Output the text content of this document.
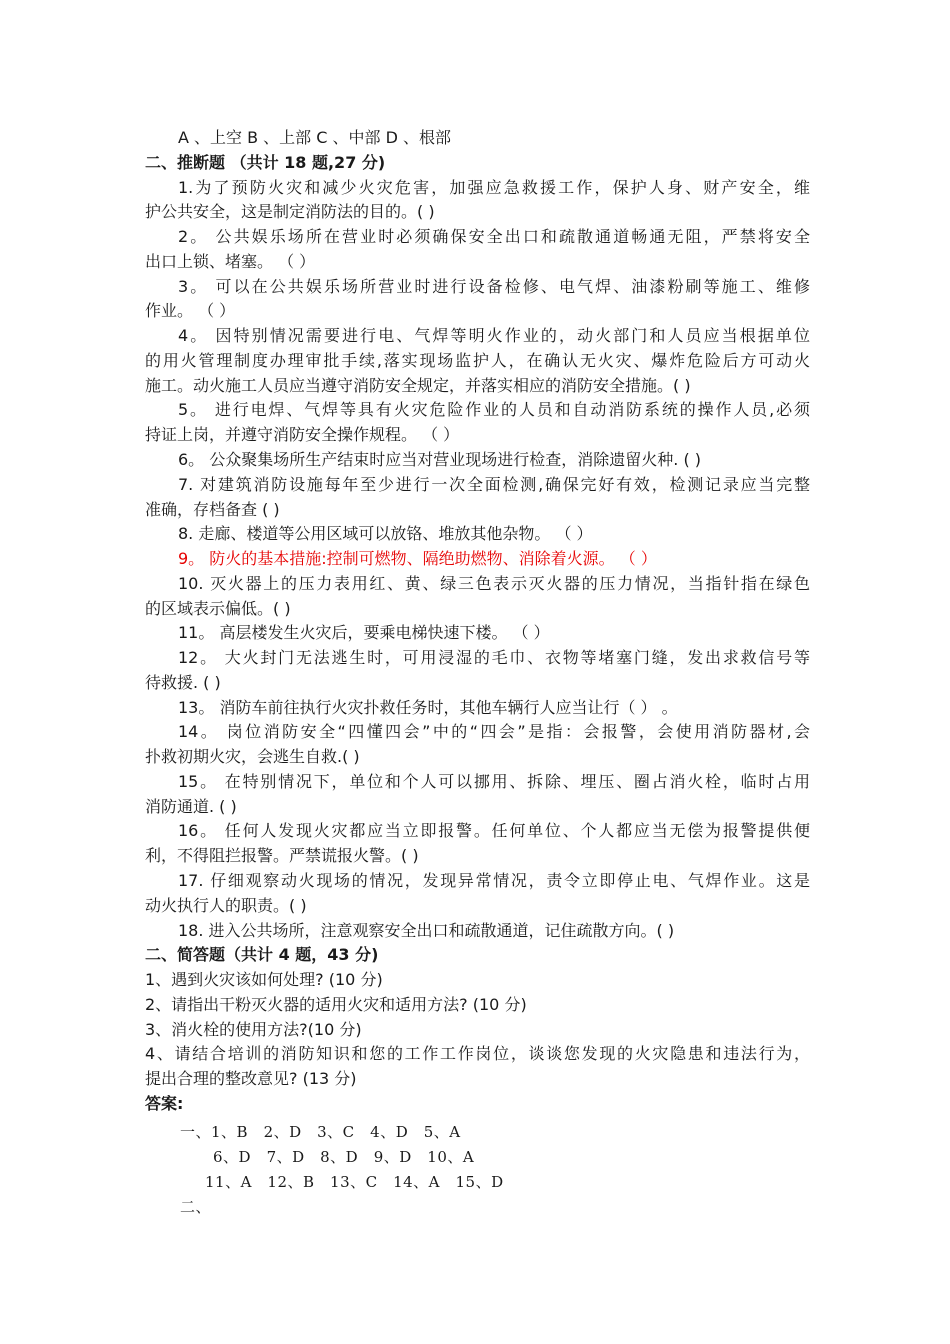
A 、上空 B 、上部 C 、中部 D 、根部
二、推断题 （共计 18 题,27 分)
1.为了预防火灾和减少火灾危害，加强应急救援工作，保护人身、财产安全，维
护公共安全，这是制定消防法的目的。( )
2。 公共娱乐场所在营业时必须确保安全出口和疏散通道畅通无阻，严禁将安全
出口上锁、堵塞。 （ ）
3。 可以在公共娱乐场所营业时进行设备检修、电气焊、油漆粉刷等施工、维修
作业。 （ ）
4。 因特别情况需要进行电、气焊等明火作业的，动火部门和人员应当根据单位
的用火管理制度办理审批手续,落实现场监护人，在确认无火灾、爆炸危险后方可动火
施工。动火施工人员应当遵守消防安全规定，并落实相应的消防安全措施。( )
5。 进行电焊、气焊等具有火灾危险作业的人员和自动消防系统的操作人员,必须
持证上岗，并遵守消防安全操作规程。 （ ）
6。 公众聚集场所生产结束时应当对营业现场进行检查，消除遗留火种. ( )
7. 对建筑消防设施每年至少进行一次全面检测,确保完好有效，检测记录应当完整
准确，存档备查 ( )
8. 走廊、楼道等公用区域可以放铬、堆放其他杂物。 （ ）
9。 防火的基本措施:控制可燃物、隔绝助燃物、消除着火源。 （ ）
10. 灭火器上的压力表用红、黄、绿三色表示灭火器的压力情况，当指针指在绿色
的区域表示偏低。( )
11。 高层楼发生火灾后，要乘电梯快速下楼。 （ ）
12。 大火封门无法逃生时，可用浸湿的毛巾、衣物等堵塞门缝，发出求救信号等
待救援. ( )
13。 消防车前往执行火灾扑救任务时，其他车辆行人应当让行（ ） 。
14。 岗位消防安全“四懂四会”中的“四会”是指：会报警，会使用消防器材,会
扑救初期火灾，会逃生自救.( )
15。 在特别情况下，单位和个人可以挪用、拆除、埋压、圈占消火栓，临时占用
消防通道. ( )
16。 任何人发现火灾都应当立即报警。任何单位、个人都应当无偿为报警提供便
利，不得阻拦报警。严禁谎报火警。( )
17. 仔细观察动火现场的情况，发现异常情况，责令立即停止电、气焊作业。这是
动火执行人的职责。( )
18. 进入公共场所，注意观察安全出口和疏散通道，记住疏散方向。( )
二、简答题（共计 4 题，43 分)
1、遇到火灾该如何处理? (10 分)
2、请指出干粉灭火器的适用火灾和适用方法? (10 分)
3、消火栓的使用方法?(10 分)
4、请结合培训的消防知识和您的工作工作岗位，谈谈您发现的火灾隐患和违法行为，
提出合理的整改意见? (13 分)
答案:
一、1、B　2、D　3、C　4、D　5、A
6、D　7、D　8、D　9、D　10、A
11、A　12、B　13、C　14、A　15、D
二、
